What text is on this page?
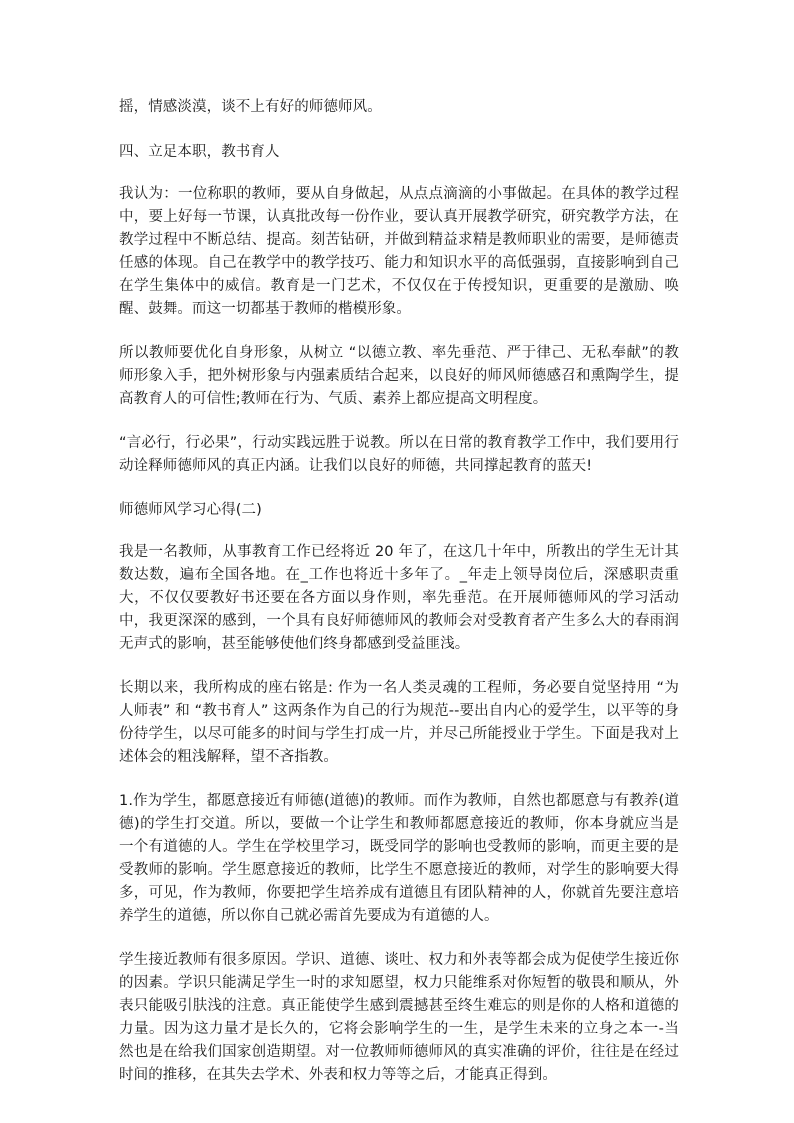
摇，情感淡漠，谈不上有好的师德师风。

四、立足本职，教书育人

我认为：一位称职的教师，要从自身做起，从点点滴滴的小事做起。在具体的教学过程中，要上好每一节课，认真批改每一份作业，要认真开展教学研究，研究教学方法，在教学过程中不断总结、提高。刻苦钻研，并做到精益求精是教师职业的需要，是师德责任感的体现。自己在教学中的教学技巧、能力和知识水平的高低强弱，直接影响到自己在学生集体中的威信。教育是一门艺术，不仅仅在于传授知识，更重要的是激励、唤醒、鼓舞。而这一切都基于教师的楷模形象。

所以教师要优化自身形象，从树立 “以德立教、率先垂范、严于律己、无私奉献”的教师形象入手，把外树形象与内强素质结合起来，以良好的师风师德感召和熏陶学生，提高教育人的可信性;教师在行为、气质、素养上都应提高文明程度。

“言必行，行必果”，行动实践远胜于说教。所以在日常的教育教学工作中，我们要用行动诠释师德师风的真正内涵。让我们以良好的师德，共同撑起教育的蓝天!

师德师风学习心得(二)

我是一名教师，从事教育工作已经将近 20 年了，在这几十年中，所教出的学生无计其数达数，遍布全国各地。在_工作也将近十多年了。_年走上领导岗位后，深感职责重大，不仅仅要教好书还要在各方面以身作则，率先垂范。在开展师德师风的学习活动中，我更深深的感到，一个具有良好师德师风的教师会对受教育者产生多么大的春雨润无声式的影响，甚至能够使他们终身都感到受益匪浅。

长期以来，我所构成的座右铭是: 作为一名人类灵魂的工程师，务必要自觉坚持用 “为人师表” 和 “教书育人” 这两条作为自己的行为规范--要出自内心的爱学生，以平等的身份待学生，以尽可能多的时间与学生打成一片，并尽己所能授业于学生。下面是我对上述体会的粗浅解释，望不吝指教。

1.作为学生，都愿意接近有师德(道德)的教师。而作为教师，自然也都愿意与有教养(道德)的学生打交道。所以，要做一个让学生和教师都愿意接近的教师，你本身就应当是一个有道德的人。学生在学校里学习，既受同学的影响也受教师的影响，而更主要的是受教师的影响。学生愿意接近的教师，比学生不愿意接近的教师，对学生的影响要大得多，可见，作为教师，你要把学生培养成有道德且有团队精神的人，你就首先要注意培养学生的道德，所以你自己就必需首先要成为有道德的人。

学生接近教师有很多原因。学识、道德、谈吐、权力和外表等都会成为促使学生接近你的因素。学识只能满足学生一时的求知愿望，权力只能维系对你短暂的敬畏和顺从，外表只能吸引肤浅的注意。真正能使学生感到震撼甚至终生难忘的则是你的人格和道德的力量。因为这力量才是长久的，它将会影响学生的一生，是学生未来的立身之本一-当然也是在给我们国家创造期望。对一位教师师德师风的真实准确的评价，往往是在经过时间的推移，在其失去学术、外表和权力等等之后，才能真正得到。
